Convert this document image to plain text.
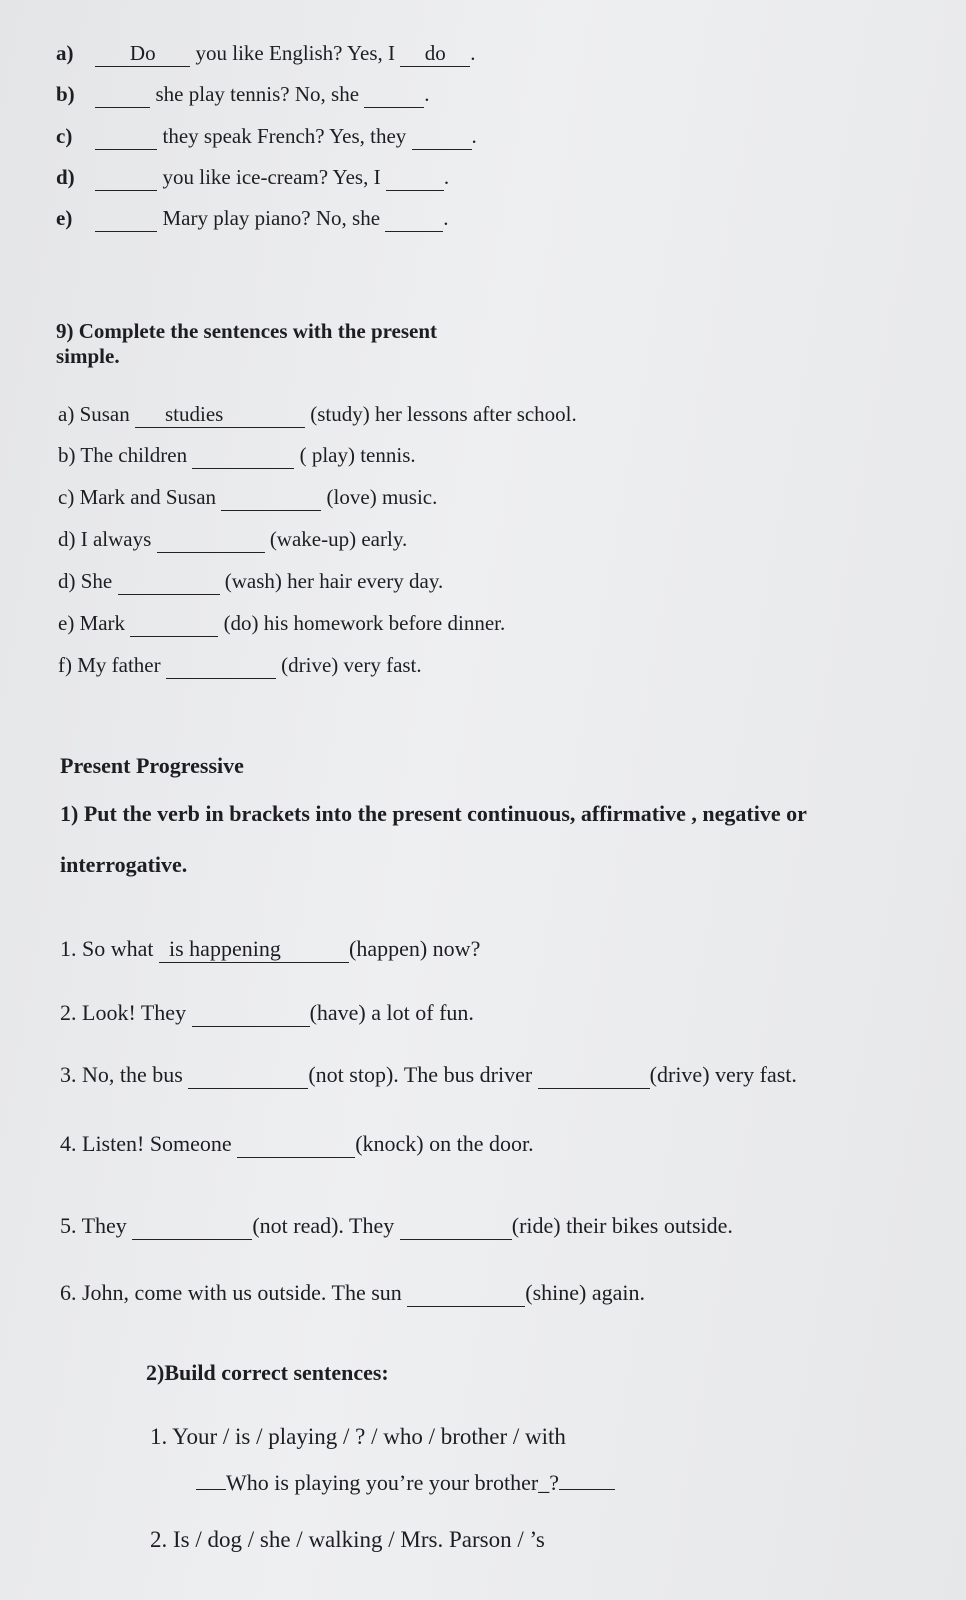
a)	Do you like English? Yes, I do .
b)	she play tennis? No, she	.
c)	they speak French? Yes, they	.
d)	you like ice-cream? Yes, I	.
e)	Mary play piano? No, she	.
9) Complete the sentences with the present
simple.
a) Susan studies	(study) her lessons after school.
b) The children	( play) tennis.
c) Mark and Susan	(love) music.
d) I always	(wake-up) early.
d) She	(wash) her hair every day.
e) Mark	(do) his homework before dinner.
f) My father	(drive) very fast.
Present Progressive
1) Put the verb in brackets into the present continuous, affirmative , negative or
interrogative.
1. So what is happening	(happen) now?
2. Look! They	(have) a lot of fun.
3. No, the bus	(not stop). The bus driver	(drive) very fast.
4. Listen! Someone	(knock) on the door.
5. They	(not read). They	(ride) their bikes outside.
6. John, come with us outside. The sun	(shine) again.
2)Build correct sentences:
1. Your / is / playing / ? / who / brother / with
Who is playing you’re your brother_?
2. Is / dog / she / walking / Mrs. Parson / ’s
